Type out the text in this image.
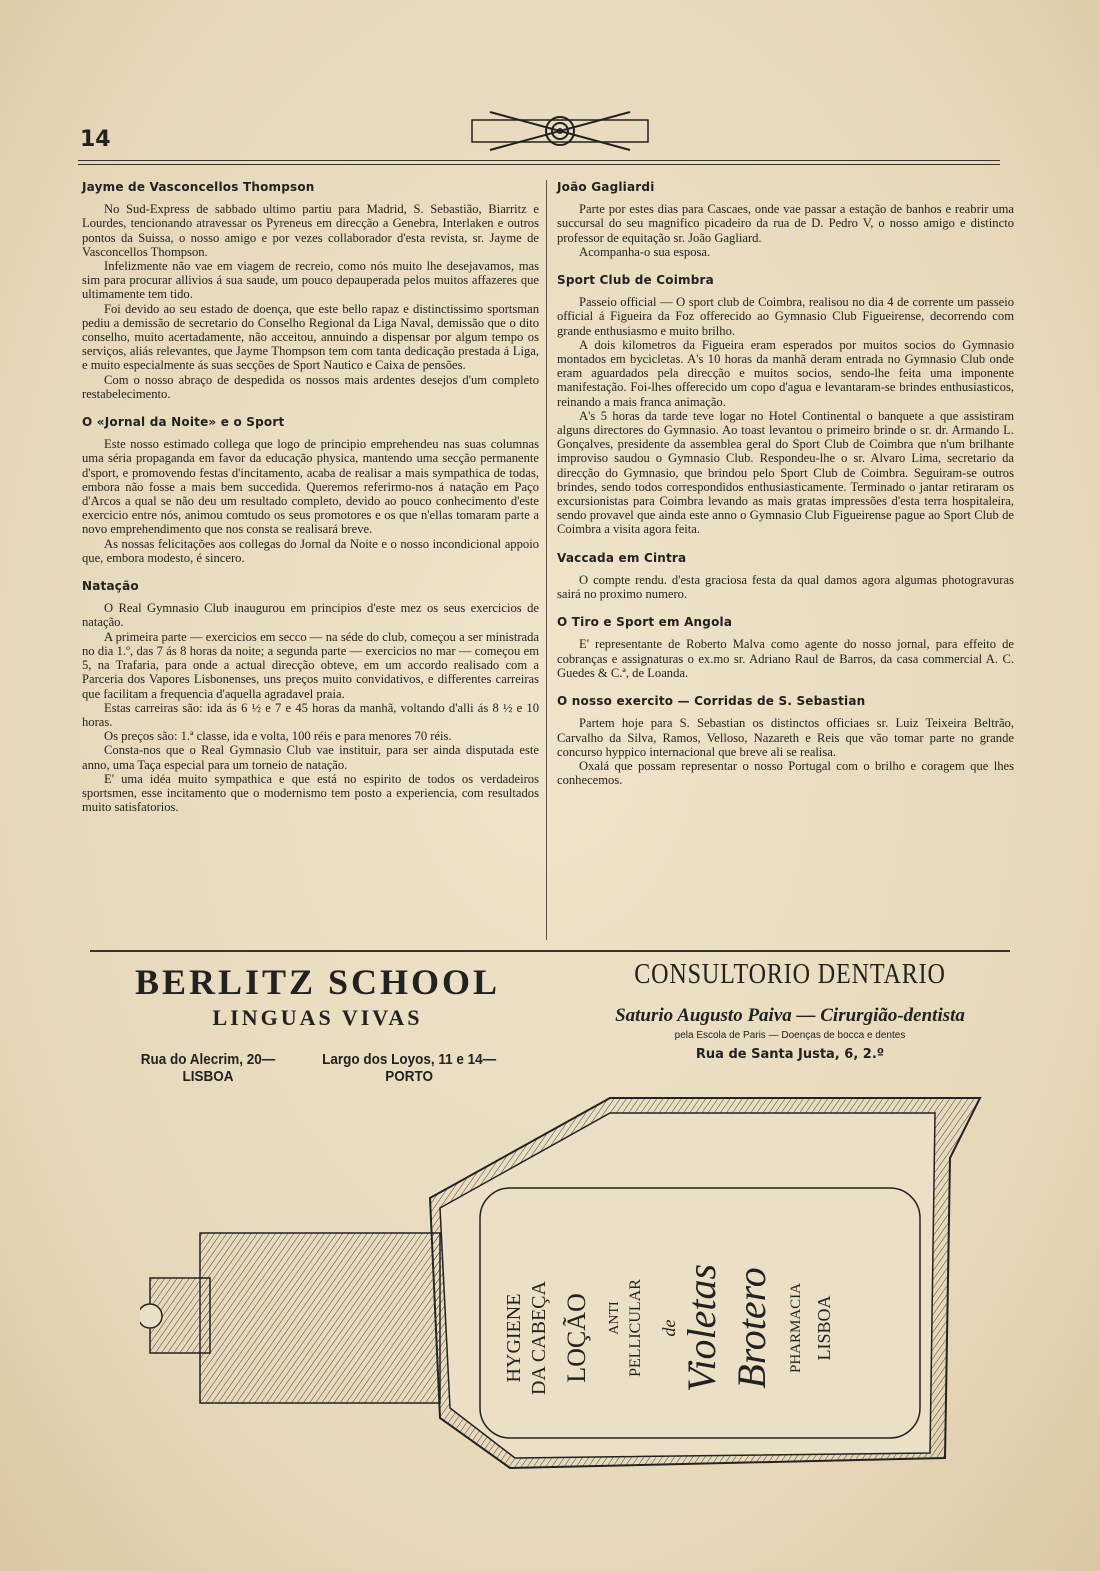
14
Jayme de Vasconcellos Thompson

No Sud-Express de sabbado ultimo partiu para Madrid, S. Sebastião, Biarritz e Lourdes, tencionando atravessar os Pyreneus em direcção a Genebra, Interlaken e outros pontos da Suissa, o nosso amigo e por vezes collaborador d'esta revista, sr. Jayme de Vasconcellos Thompson.

Infelizmente não vae em viagem de recreio, como nós muito lhe desejavamos, mas sim para procurar allivios á sua saude, um pouco depauperada pelos muitos affazeres que ultimamente tem tido.

Foi devido ao seu estado de doença, que este bello rapaz e distinctissimo sportsman pediu a demissão de secretario do Conselho Regional da Liga Naval, demissão que o dito conselho, muito acertadamente, não acceitou, annuindo a dispensar por algum tempo os serviços, aliás relevantes, que Jayme Thompson tem com tanta dedicação prestada á Liga, e muito especialmente ás suas secções de Sport Nautico e Caixa de pensões.

Com o nosso abraço de despedida os nossos mais ardentes desejos d'um completo restabelecimento.

O «Jornal da Noite» e o Sport

Este nosso estimado collega que logo de principio emprehendeu nas suas columnas uma séria propaganda em favor da educação physica, mantendo uma secção permanente d'sport, e promovendo festas d'incitamento, acaba de realisar a mais sympathica de todas, embora não fosse a mais bem succedida. Queremos referirmo-nos á natação em Paço d'Arcos a qual se não deu um resultado completo, devido ao pouco conhecimento d'este exercicio entre nós, animou comtudo os seus promotores e os que n'ellas tomaram parte a novo emprehendimento que nos consta se realisará breve.

As nossas felicitações aos collegas do Jornal da Noite e o nosso incondicional appoio que, embora modesto, é sincero.

Natação

O Real Gymnasio Club inaugurou em principios d'este mez os seus exercicios de natação.

A primeira parte — exercicios em secco — na séde do club, começou a ser ministrada no dia 1.º, das 7 ás 8 horas da noite; a segunda parte — exercicios no mar — começou em 5, na Trafaria, para onde a actual direcção obteve, em um accordo realisado com a Parceria dos Vapores Lisbonenses, uns preços muito convidativos, e differentes carreiras que facilitam a frequencia d'aquella agradavel praia.

Estas carreiras são: ida ás 6 ½ e 7 e 45 horas da manhã, voltando d'alli ás 8 ½ e 10 horas.

Os preços são: 1.ª classe, ida e volta, 100 réis e para menores 70 réis.

Consta-nos que o Real Gymnasio Club vae instituir, para ser ainda disputada este anno, uma Taça especial para um torneio de natação.

E' uma idéa muito sympathica e que está no espirito de todos os verdadeiros sportsmen, esse incitamento que o modernismo tem posto a experiencia, com resultados muito satisfatorios.

João Gagliardi

Parte por estes dias para Cascaes, onde vae passar a estação de banhos e reabrir uma succursal do seu magnifico picadeiro da rua de D. Pedro V, o nosso amigo e distincto professor de equitação sr. João Gagliard.

Acompanha-o sua esposa.

Sport Club de Coimbra

Passeio official — O sport club de Coimbra, realisou no dia 4 de corrente um passeio official á Figueira da Foz offerecido ao Gymnasio Club Figueirense, decorrendo com grande enthusiasmo e muito brilho.

A dois kilometros da Figueira eram esperados por muitos socios do Gymnasio montados em bycicletas. A's 10 horas da manhã deram entrada no Gymnasio Club onde eram aguardados pela direcção e muitos socios, sendo-lhe feita uma imponente manifestação. Foi-lhes offerecido um copo d'agua e levantaram-se brindes enthusiasticos, reinando a mais franca animação.

A's 5 horas da tarde teve logar no Hotel Continental o banquete a que assistiram alguns directores do Gymnasio. Ao toast levantou o primeiro brinde o sr. dr. Armando L. Gonçalves, presidente da assemblea geral do Sport Club de Coimbra que n'um brilhante improviso saudou o Gymnasio Club. Respondeu-lhe o sr. Alvaro Lima, secretario da direcção do Gymnasio, que brindou pelo Sport Club de Coimbra. Seguiram-se outros brindes, sendo todos correspondidos enthusiasticamente. Terminado o jantar retiraram os excursionistas para Coimbra levando as mais gratas impressões d'esta terra hospitaleira, sendo provavel que ainda este anno o Gymnasio Club Figueirense pague ao Sport Club de Coimbra a visita agora feita.

Vaccada em Cintra

O compte rendu. d'esta graciosa festa da qual damos agora algumas photogravuras sairá no proximo numero.

O Tiro e Sport em Angola

E' representante de Roberto Malva como agente do nosso jornal, para effeito de cobranças e assignaturas o ex.mo sr. Adriano Raul de Barros, da casa commercial A. C. Guedes & C.ª, de Loanda.

O nosso exercito — Corridas de S. Sebastian

Partem hoje para S. Sebastian os distinctos officiaes sr. Luiz Teixeira Beltrão, Carvalho da Silva, Ramos, Velloso, Nazareth e Reis que vão tomar parte no grande concurso hyppico internacional que breve ali se realisa.

Oxalá que possam representar o nosso Portugal com o brilho e coragem que lhes conhecemos.

BERLITZ SCHOOL
LINGUAS VIVAS
Rua do Alecrim, 20—LISBOA
Largo dos Loyos, 11 e 14—PORTO
CONSULTORIO DENTARIO
Saturio Augusto Paiva — Cirurgião-dentista
pela Escola de Paris — Doenças de bocca e dentes
Rua de Santa Justa, 6, 2.º
HYGIENE DA CABEÇA LOÇÃO ANTI PELLICULAR de Violetas Brotero PHARMACIA LISBOA
